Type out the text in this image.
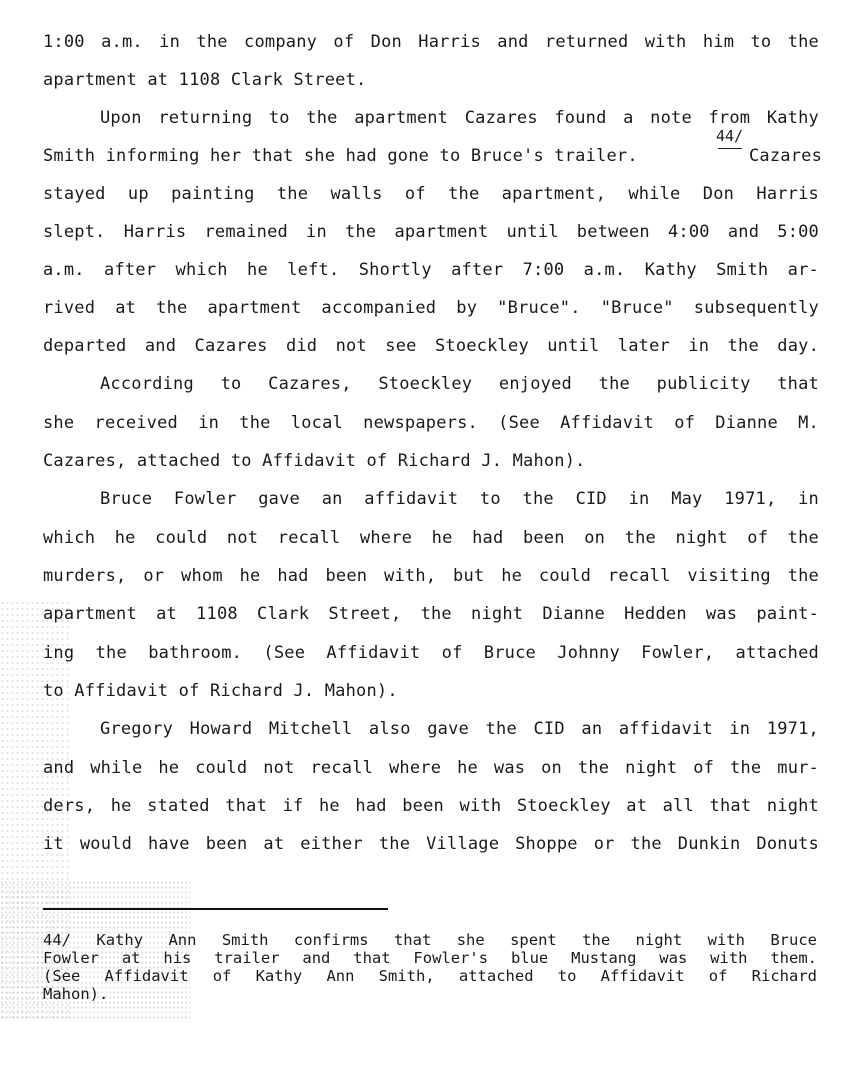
1:00 a.m. in the company of Don Harris and returned with him to the
apartment at 1108 Clark Street.
Upon returning to the apartment Cazares found a note from Kathy
Smith informing her that she had gone to Bruce's trailer.
44/
Cazares
stayed up painting the walls of the apartment, while Don Harris
slept. Harris remained in the apartment until between 4:00 and 5:00
a.m. after which he left. Shortly after 7:00 a.m. Kathy Smith ar-
rived at the apartment accompanied by "Bruce". "Bruce" subsequently
departed and Cazares did not see Stoeckley until later in the day.
According to Cazares, Stoeckley enjoyed the publicity that
she received in the local newspapers. (See Affidavit of Dianne M.
Cazares, attached to Affidavit of Richard J. Mahon).
Bruce Fowler gave an affidavit to the CID in May 1971, in
which he could not recall where he had been on the night of the
murders, or whom he had been with, but he could recall visiting the
apartment at 1108 Clark Street, the night Dianne Hedden was paint-
ing the bathroom. (See Affidavit of Bruce Johnny Fowler, attached
to Affidavit of Richard J. Mahon).
Gregory Howard Mitchell also gave the CID an affidavit in 1971,
and while he could not recall where he was on the night of the mur-
ders, he stated that if he had been with Stoeckley at all that night
it would have been at either the Village Shoppe or the Dunkin Donuts
44/ Kathy Ann Smith confirms that she spent the night with Bruce
Fowler at his trailer and that Fowler's blue Mustang was with them.
(See Affidavit of Kathy Ann Smith, attached to Affidavit of Richard
Mahon).
